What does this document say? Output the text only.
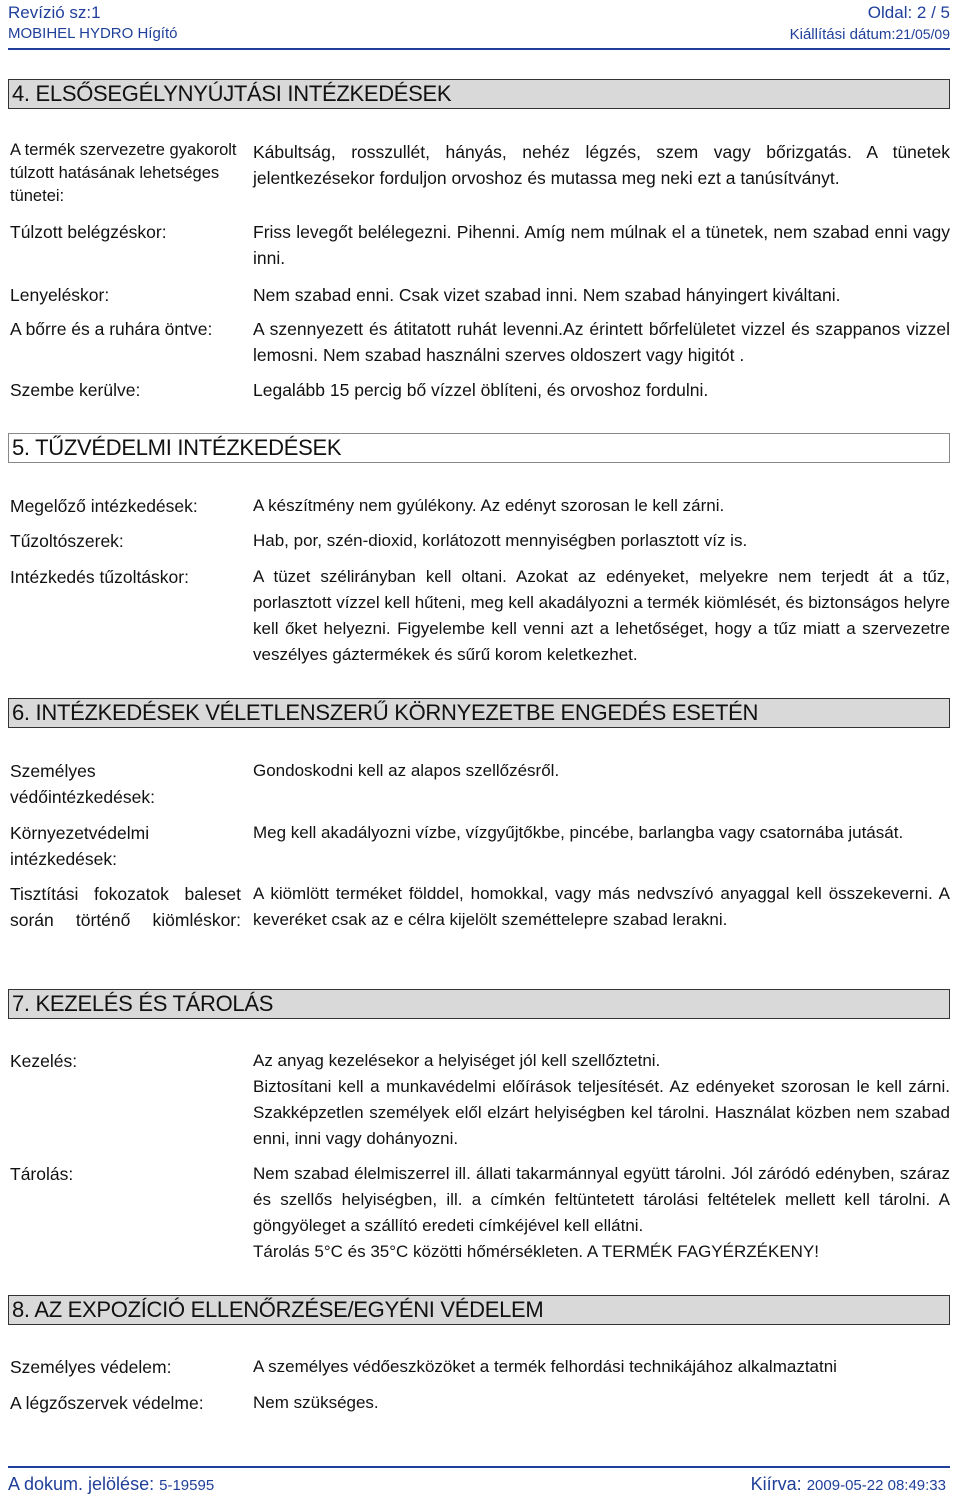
Revízió sz:1
MOBIHEL HYDRO Hígító
Oldal: 2 / 5
Kiállítási dátum:21/05/09
4. ELSŐSEGÉLYNYÚJTÁSI INTÉZKEDÉSEK
A termék szervezetre gyakorolt túlzott hatásának lehetséges tünetei:
Kábultság, rosszullét, hányás, nehéz légzés, szem vagy bőrizgatás. A tünetek jelentkezésekor forduljon orvoshoz és mutassa meg neki ezt a tanúsítványt.
Túlzott belégzéskor:	Friss levegőt belélegezni. Pihenni. Amíg nem múlnak el a tünetek, nem szabad enni vagy inni.
Lenyeléskor:	Nem szabad enni. Csak vizet szabad inni. Nem szabad hányingert kiváltani.
A bőrre és a ruhára öntve:	A szennyezett és átitatott ruhát levenni.Az érintett bőrfelületet vizzel és szappanos vizzel lemosni. Nem szabad használni szerves oldoszert vagy higitót .
Szembe kerülve:	Legalább 15 percig bő vízzel öblíteni, és orvoshoz fordulni.
5. TŰZVÉDELMI INTÉZKEDÉSEK
Megelőző intézkedések:	A készítmény nem gyúlékony. Az edényt szorosan le kell zárni.
Tűzoltószerek:	Hab, por, szén-dioxid, korlátozott mennyiségben porlasztott víz is.
Intézkedés tűzoltáskor:	A tüzet szélirányban kell oltani. Azokat az edényeket, melyekre nem terjedt át a tűz, porlasztott vízzel kell hűteni, meg kell akadályozni a termék kiömlését, és biztonságos helyre kell őket helyezni. Figyelembe kell venni azt a lehetőséget, hogy a tűz miatt a szervezetre veszélyes gáztermékek és sűrű korom keletkezhet.
6. INTÉZKEDÉSEK VÉLETLENSZERŰ KÖRNYEZETBE ENGEDÉS ESETÉN
Személyes védőintézkedések:
Gondoskodni kell az alapos szellőzésről.
Környezetvédelmi intézkedések:
Meg kell akadályozni vízbe, vízgyűjtőkbe, pincébe, barlangba vagy csatornába jutását.
Tisztítási fokozatok baleset során történő kiömléskor:
A kiömlött terméket földdel, homokkal, vagy más nedvszívó anyaggal kell összekeverni. A keveréket csak az e célra kijelölt szeméttelepre szabad lerakni.
7. KEZELÉS ÉS TÁROLÁS
Kezelés:	Az anyag kezelésekor a helyiséget jól kell szellőztetni.
Biztosítani kell a munkavédelmi előírások teljesítését. Az edényeket szorosan le kell zárni. Szakképzetlen személyek elől elzárt helyiségben kel tárolni. Használat közben nem szabad enni, inni vagy dohányozni.
Tárolás:	Nem szabad élelmiszerrel ill. állati takarmánnyal együtt tárolni. Jól záródó edényben, száraz és szellős helyiségben, ill. a címkén feltüntetett tárolási feltételek mellett kell tárolni. A göngyöleget a szállító eredeti címkéjével kell ellátni.
Tárolás 5°C és 35°C közötti hőmérsékleten. A TERMÉK FAGYÉRZÉKENY!
8. AZ EXPOZÍCIÓ ELLENŐRZÉSE/EGYÉNI VÉDELEM
Személyes védelem:	A személyes védőeszközöket a termék felhordási technikájához alkalmaztatni
A légzőszervek védelme:	Nem szükséges.
A dokum. jelölése: 5-19595	Kiírva: 2009-05-22 08:49:33
